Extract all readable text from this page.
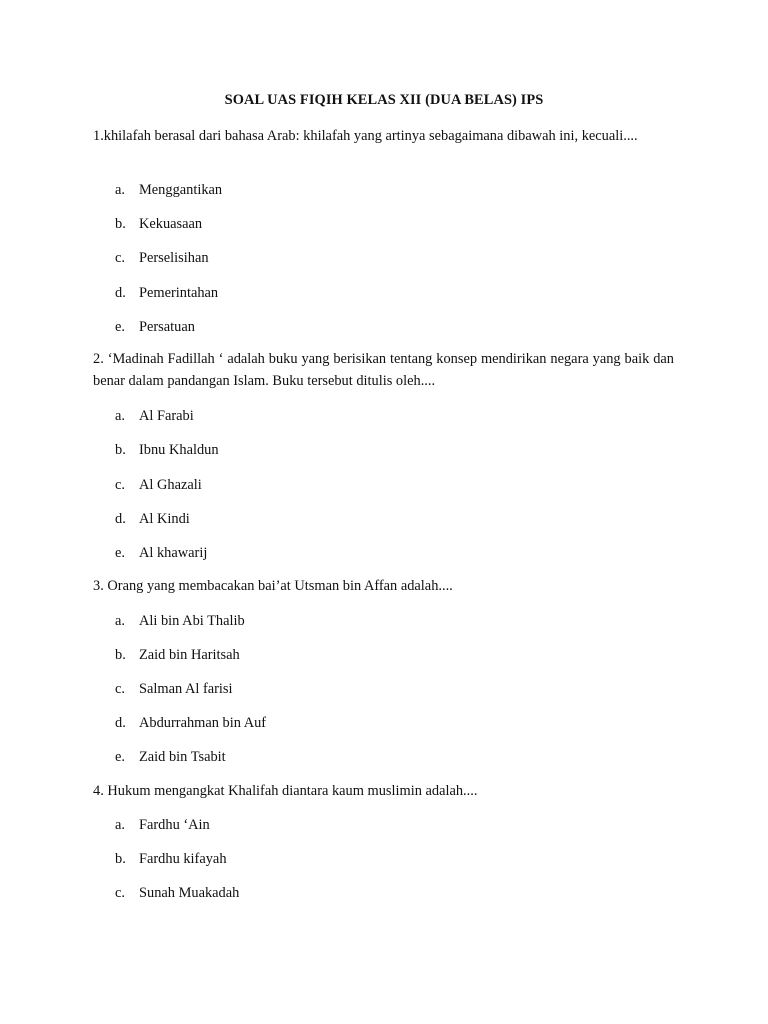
SOAL UAS FIQIH KELAS XII (DUA BELAS) IPS
1.khilafah berasal dari bahasa Arab: khilafah yang artinya sebagaimana dibawah ini, kecuali....
a. Menggantikan
b. Kekuasaan
c. Perselisihan
d. Pemerintahan
e. Persatuan
2. ‘Madinah Fadillah ‘ adalah buku yang berisikan tentang konsep mendirikan negara yang baik dan benar dalam pandangan Islam. Buku tersebut ditulis oleh....
a. Al Farabi
b. Ibnu Khaldun
c. Al Ghazali
d. Al Kindi
e. Al khawarij
3. Orang yang membacakan bai’at Utsman bin Affan adalah....
a. Ali bin Abi Thalib
b. Zaid bin Haritsah
c. Salman Al farisi
d. Abdurrahman bin Auf
e. Zaid bin Tsabit
4. Hukum mengangkat Khalifah diantara kaum muslimin adalah....
a. Fardhu ‘Ain
b. Fardhu kifayah
c. Sunah Muakadah
